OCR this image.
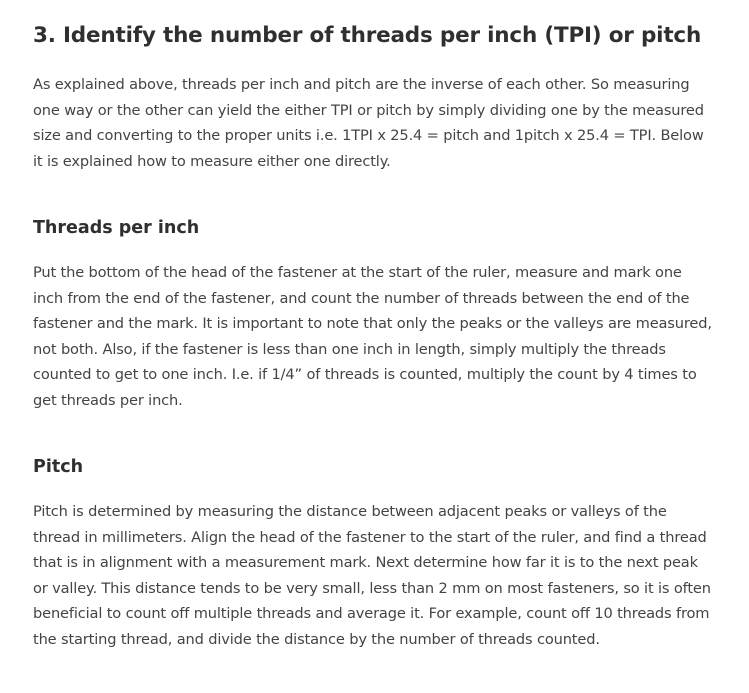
3. Identify the number of threads per inch (TPI) or pitch

As explained above, threads per inch and pitch are the inverse of each other. So measuring one way or the other can yield the either TPI or pitch by simply dividing one by the measured size and converting to the proper units i.e. 1TPI x 25.4 = pitch and 1pitch x 25.4 = TPI. Below it is explained how to measure either one directly.

Threads per inch

Put the bottom of the head of the fastener at the start of the ruler, measure and mark one inch from the end of the fastener, and count the number of threads between the end of the fastener and the mark. It is important to note that only the peaks or the valleys are measured, not both. Also, if the fastener is less than one inch in length, simply multiply the threads counted to get to one inch. I.e. if 1/4” of threads is counted, multiply the count by 4 times to get threads per inch.

Pitch

Pitch is determined by measuring the distance between adjacent peaks or valleys of the thread in millimeters. Align the head of the fastener to the start of the ruler, and find a thread that is in alignment with a measurement mark. Next determine how far it is to the next peak or valley. This distance tends to be very small, less than 2 mm on most fasteners, so it is often beneficial to count off multiple threads and average it. For example, count off 10 threads from the starting thread, and divide the distance by the number of threads counted.
